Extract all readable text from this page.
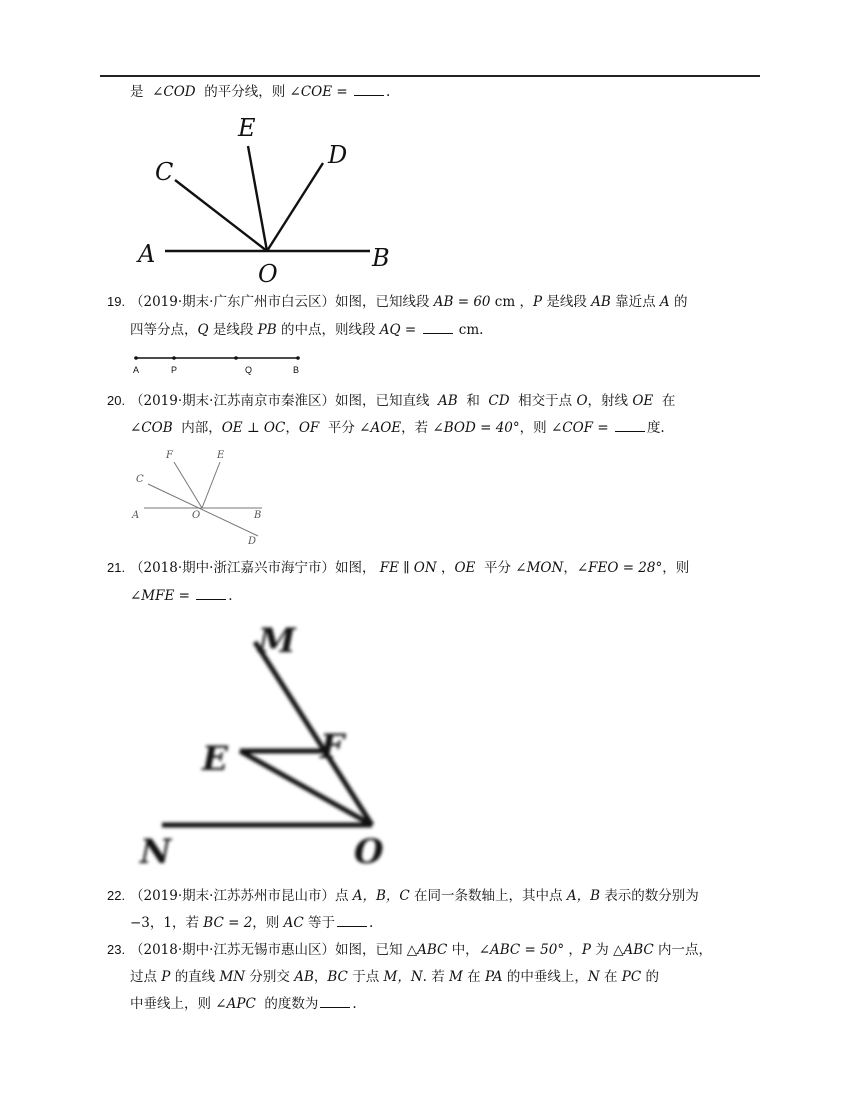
是 ∠COD 的平分线，则 ∠COE =	.
E
C
D
A
O
B
19. （2019·期末·广东广州市白云区）如图，已知线段 AB = 60 cm ，P 是线段 AB 靠近点 A 的
四等分点，Q 是线段 PB 的中点，则线段 AQ =	cm.
A	P	Q	B
20. （2019·期末·江苏南京市秦淮区）如图，已知直线 AB 和 CD 相交于点 O，射线 OE 在
∠COB 内部，OE ⊥ OC，OF 平分 ∠AOE，若 ∠BOD = 40°，则 ∠COF =	度.
F	E
C
A	O	B
D
21. （2018·期中·浙江嘉兴市海宁市）如图， FE ∥ ON ，OE 平分 ∠MON，∠FEO = 28°，则
∠MFE =	.
M
E	F
N	O
22. （2019·期末·江苏苏州市昆山市）点 A，B，C 在同一条数轴上，其中点 A，B 表示的数分别为
−3，1，若 BC = 2，则 AC 等于	.
23. （2018·期中·江苏无锡市惠山区）如图，已知 △ABC 中，∠ABC = 50° ，P 为 △ABC 内一点，
过点 P 的直线 MN 分别交 AB，BC 于点 M，N. 若 M 在 PA 的中垂线上，N 在 PC 的
中垂线上，则 ∠APC 的度数为	.
